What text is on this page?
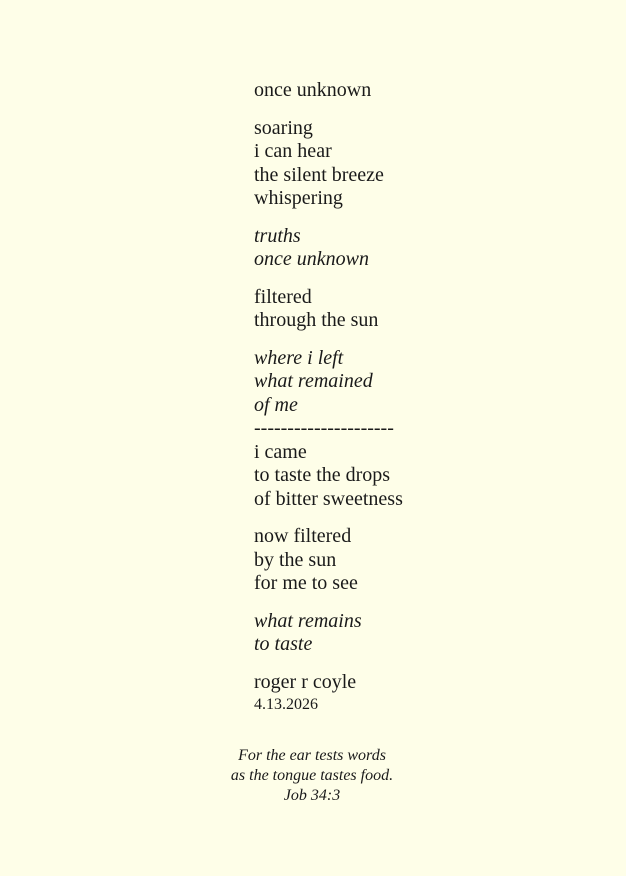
once unknown
soaring
i can hear
the silent breeze
whispering
truths
once unknown
filtered
through the sun
where i left
what remained
of me
---------------------
i came
to taste the drops
of bitter sweetness
now filtered
by the sun
for me to see
what remains
to taste
roger r coyle
4.13.2026
For the ear tests words
as the tongue tastes food.
Job 34:3
